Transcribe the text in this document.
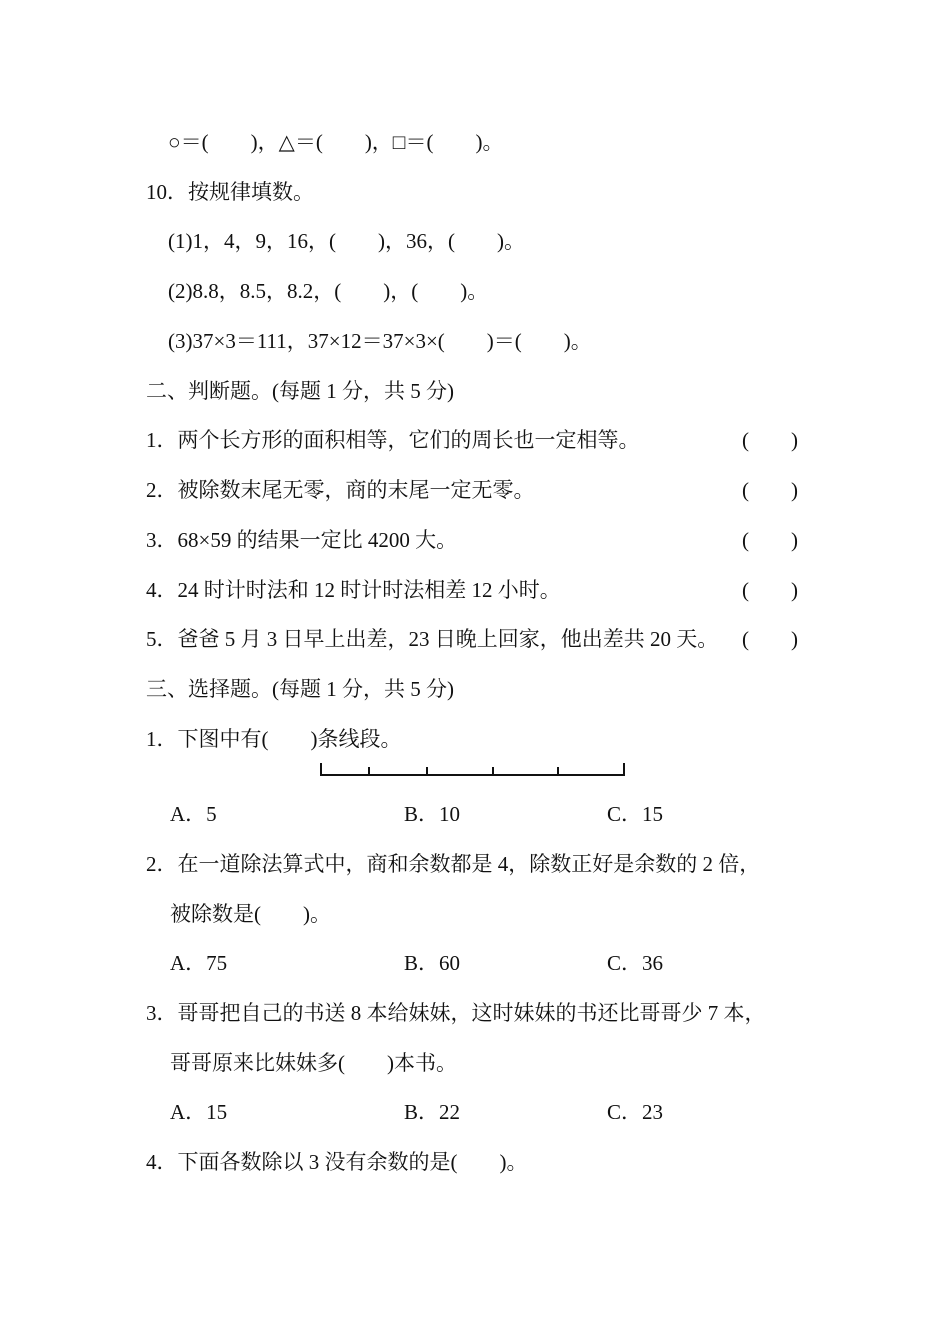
○＝(　　)，△＝(　　)，□＝(　　)。
10．按规律填数。
(1)1，4，9，16，(　　)，36，(　　)。
(2)8.8，8.5，8.2，(　　)，(　　)。
(3)37×3＝111，37×12＝37×3×(　　)＝(　　)。
二、判断题。(每题 1 分，共 5 分)
1．两个长方形的面积相等，它们的周长也一定相等。	(　　)
2．被除数末尾无零，商的末尾一定无零。	(　　)
3．68×59 的结果一定比 4200 大。	(　　)
4．24 时计时法和 12 时计时法相差 12 小时。	(　　)
5．爸爸 5 月 3 日早上出差，23 日晚上回家，他出差共 20 天。 (　　)
三、选择题。(每题 1 分，共 5 分)
1．下图中有(　　)条线段。
A．5	B．10	C．15
2．在一道除法算式中，商和余数都是 4，除数正好是余数的 2 倍，
被除数是(　　)。
A．75	B．60	C．36
3．哥哥把自己的书送 8 本给妹妹，这时妹妹的书还比哥哥少 7 本，
哥哥原来比妹妹多(　　)本书。
A．15	B．22	C．23
4．下面各数除以 3 没有余数的是(　　)。
